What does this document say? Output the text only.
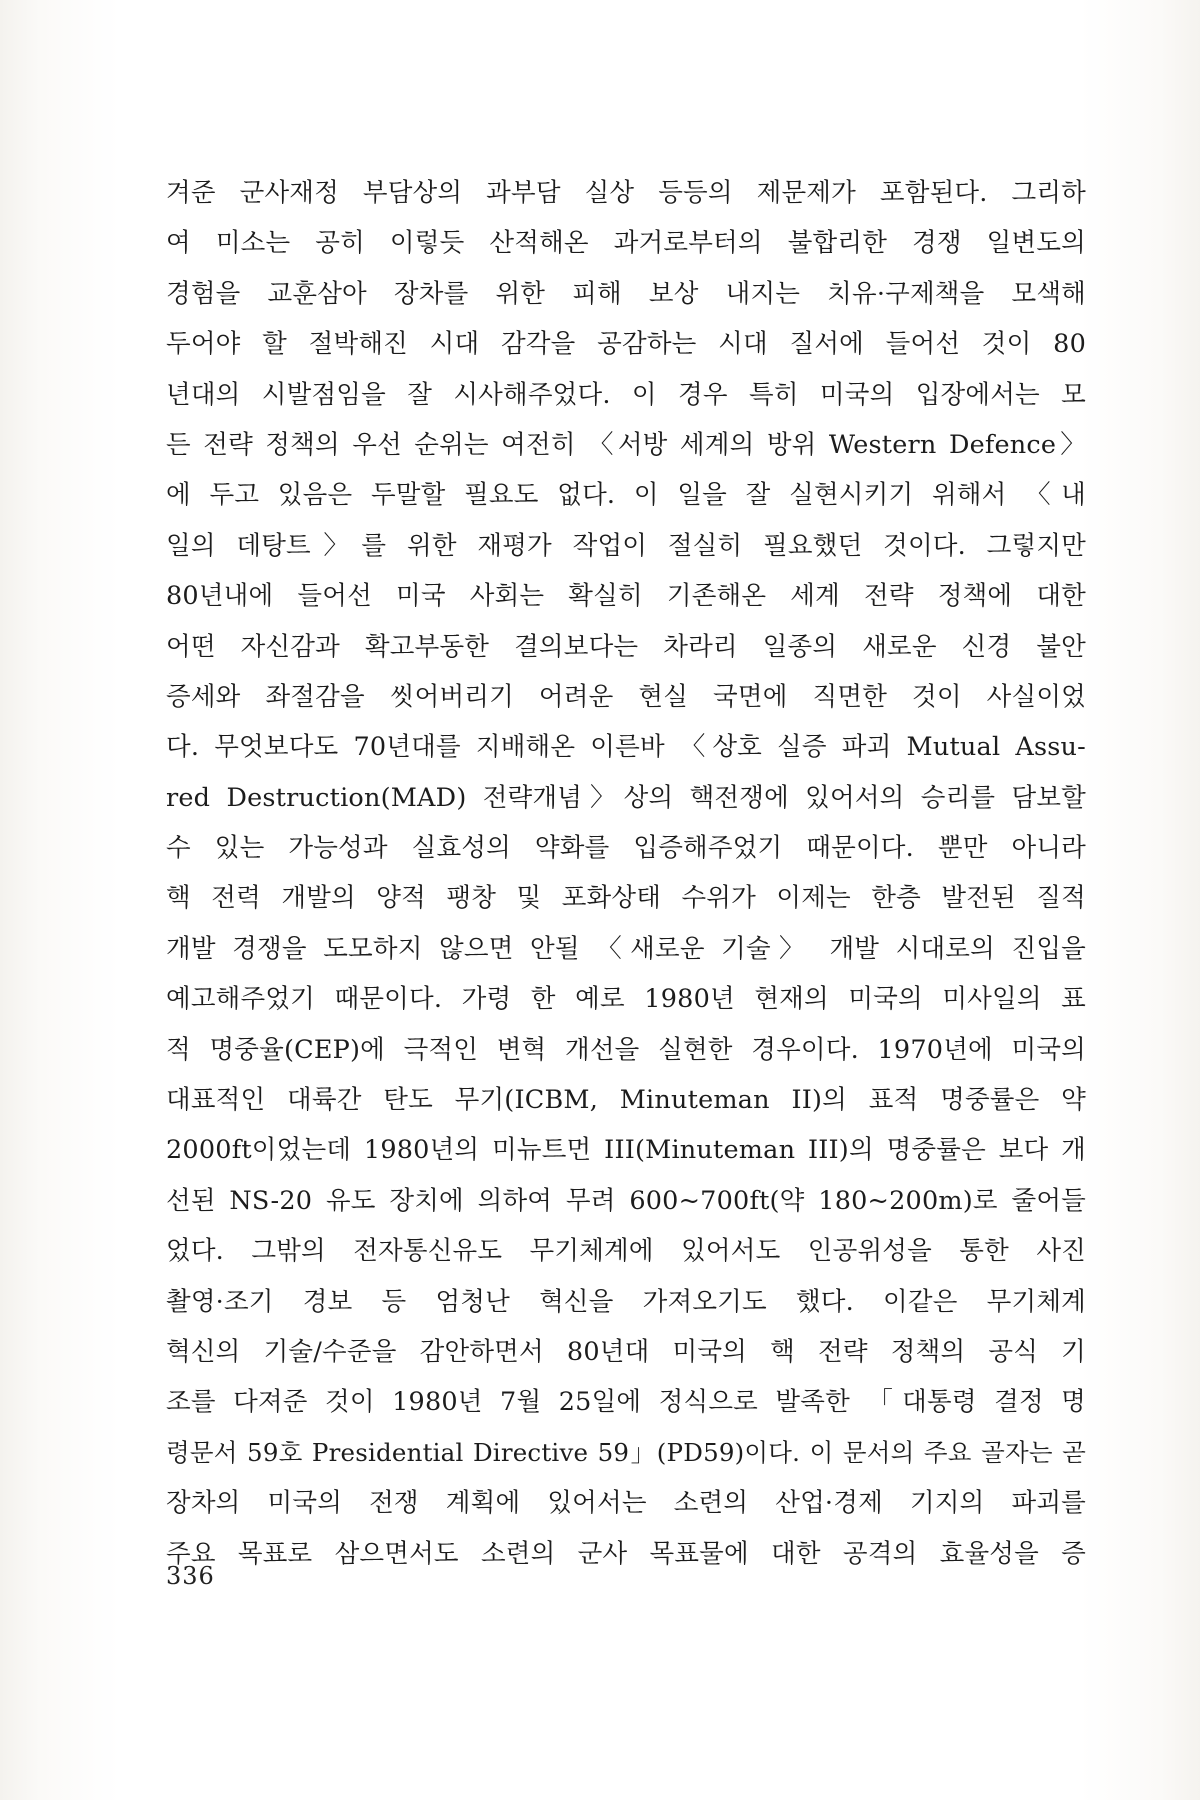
겨준 군사재정 부담상의 과부담 실상 등등의 제문제가 포함된다. 그리하
여 미소는 공히 이렇듯 산적해온 과거로부터의 불합리한 경쟁 일변도의
경험을 교훈삼아 장차를 위한 피해 보상 내지는 치유·구제책을 모색해
두어야 할 절박해진 시대 감각을 공감하는 시대 질서에 들어선 것이 80
년대의 시발점임을 잘 시사해주었다. 이 경우 특히 미국의 입장에서는 모
든 전략 정책의 우선 순위는 여전히 〈서방 세계의 방위 Western Defence〉
에 두고 있음은 두말할 필요도 없다. 이 일을 잘 실현시키기 위해서 〈내
일의 데탕트〉를 위한 재평가 작업이 절실히 필요했던 것이다. 그렇지만
80년내에 들어선 미국 사회는 확실히 기존해온 세계 전략 정책에 대한
어떤 자신감과 확고부동한 결의보다는 차라리 일종의 새로운 신경 불안
증세와 좌절감을 씻어버리기 어려운 현실 국면에 직면한 것이 사실이었
다. 무엇보다도 70년대를 지배해온 이른바 〈상호 실증 파괴 Mutual Assu-
red Destruction(MAD) 전략개념〉상의 핵전쟁에 있어서의 승리를 담보할
수 있는 가능성과 실효성의 약화를 입증해주었기 때문이다. 뿐만 아니라
핵 전력 개발의 양적 팽창 및 포화상태 수위가 이제는 한층 발전된 질적
개발 경쟁을 도모하지 않으면 안될 〈새로운 기술〉 개발 시대로의 진입을
예고해주었기 때문이다. 가령 한 예로 1980년 현재의 미국의 미사일의 표
적 명중율(CEP)에 극적인 변혁 개선을 실현한 경우이다. 1970년에 미국의
대표적인 대륙간 탄도 무기(ICBM, Minuteman II)의 표적 명중률은 약
2000ft이었는데 1980년의 미뉴트먼 III(Minuteman III)의 명중률은 보다 개
선된 NS-20 유도 장치에 의하여 무려 600~700ft(약 180~200m)로 줄어들
었다. 그밖의 전자통신유도 무기체계에 있어서도 인공위성을 통한 사진
촬영·조기 경보 등 엄청난 혁신을 가져오기도 했다. 이같은 무기체계
혁신의 기술/수준을 감안하면서 80년대 미국의 핵 전략 정책의 공식 기
조를 다져준 것이 1980년 7월 25일에 정식으로 발족한 「대통령 결정 명
령문서 59호 Presidential Directive 59」(PD59)이다. 이 문서의 주요 골자는 곧
장차의 미국의 전쟁 계획에 있어서는 소련의 산업·경제 기지의 파괴를
주요 목표로 삼으면서도 소련의 군사 목표물에 대한 공격의 효율성을 증
336
